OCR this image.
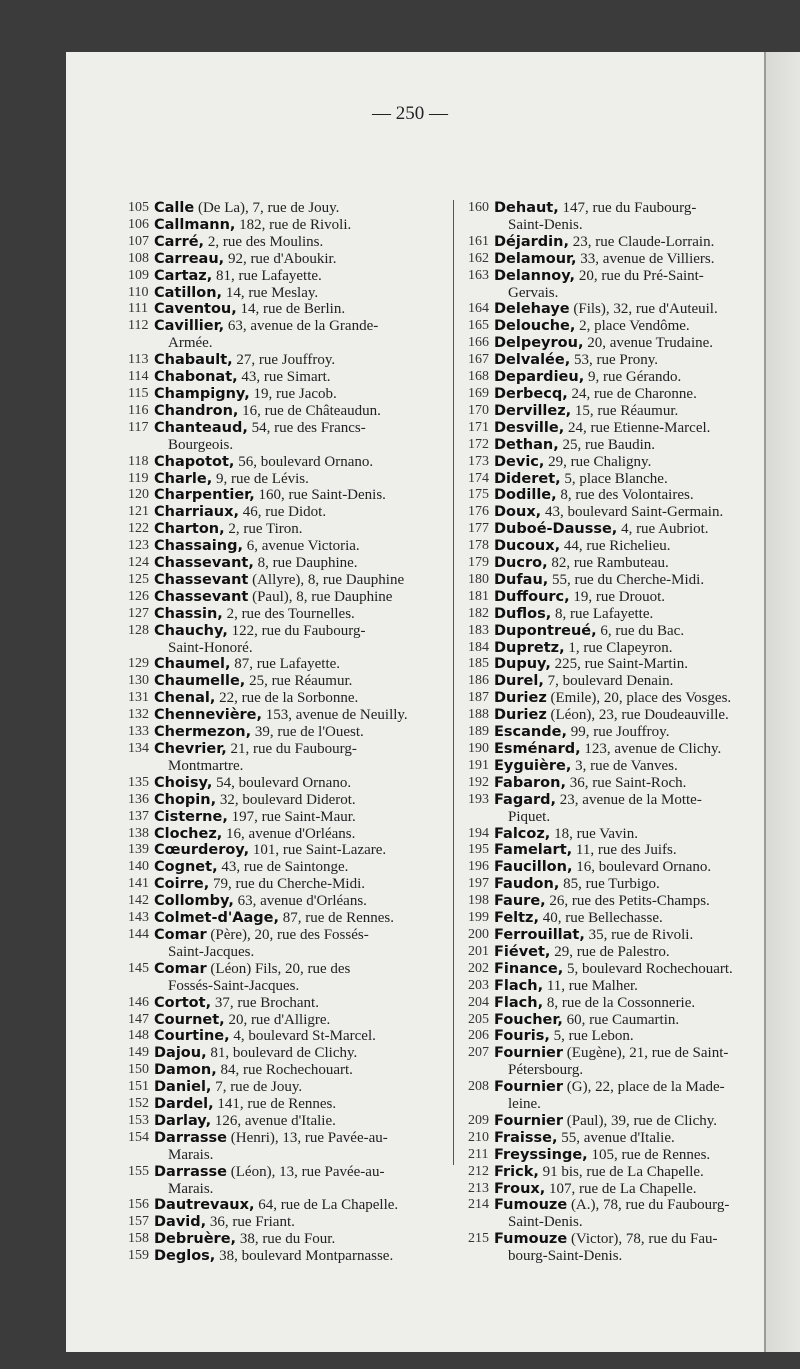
— 250 —
105 Calle (De La), 7, rue de Jouy.
106 Callmann, 182, rue de Rivoli.
107 Carré, 2, rue des Moulins.
108 Carreau, 92, rue d'Aboukir.
109 Cartaz, 81, rue Lafayette.
110 Catillon, 14, rue Meslay.
111 Caventou, 14, rue de Berlin.
112 Cavillier, 63, avenue de la Grande-
Armée.
113 Chabault, 27, rue Jouffroy.
114 Chabonat, 43, rue Simart.
115 Champigny, 19, rue Jacob.
116 Chandron, 16, rue de Châteaudun.
117 Chanteaud, 54, rue des Francs-
Bourgeois.
118 Chapotot, 56, boulevard Ornano.
119 Charle, 9, rue de Lévis.
120 Charpentier, 160, rue Saint-Denis.
121 Charriaux, 46, rue Didot.
122 Charton, 2, rue Tiron.
123 Chassaing, 6, avenue Victoria.
124 Chassevant, 8, rue Dauphine.
125 Chassevant (Allyre), 8, rue Dauphine
126 Chassevant (Paul), 8, rue Dauphine
127 Chassin, 2, rue des Tournelles.
128 Chauchy, 122, rue du Faubourg-
Saint-Honoré.
129 Chaumel, 87, rue Lafayette.
130 Chaumelle, 25, rue Réaumur.
131 Chenal, 22, rue de la Sorbonne.
132 Chennevière, 153, avenue de Neuilly.
133 Chermezon, 39, rue de l'Ouest.
134 Chevrier, 21, rue du Faubourg-
Montmartre.
135 Choisy, 54, boulevard Ornano.
136 Chopin, 32, boulevard Diderot.
137 Cisterne, 197, rue Saint-Maur.
138 Clochez, 16, avenue d'Orléans.
139 Cœurderoy, 101, rue Saint-Lazare.
140 Cognet, 43, rue de Saintonge.
141 Coirre, 79, rue du Cherche-Midi.
142 Collomby, 63, avenue d'Orléans.
143 Colmet-d'Aage, 87, rue de Rennes.
144 Comar (Père), 20, rue des Fossés-
Saint-Jacques.
145 Comar (Léon) Fils, 20, rue des
Fossés-Saint-Jacques.
146 Cortot, 37, rue Brochant.
147 Cournet, 20, rue d'Alligre.
148 Courtine, 4, boulevard St-Marcel.
149 Dajou, 81, boulevard de Clichy.
150 Damon, 84, rue Rochechouart.
151 Daniel, 7, rue de Jouy.
152 Dardel, 141, rue de Rennes.
153 Darlay, 126, avenue d'Italie.
154 Darrasse (Henri), 13, rue Pavée-au-
Marais.
155 Darrasse (Léon), 13, rue Pavée-au-
Marais.
156 Dautrevaux, 64, rue de La Chapelle.
157 David, 36, rue Friant.
158 Debruère, 38, rue du Four.
159 Deglos, 38, boulevard Montparnasse.
160 Dehaut, 147, rue du Faubourg-
Saint-Denis.
161 Déjardin, 23, rue Claude-Lorrain.
162 Delamour, 33, avenue de Villiers.
163 Delannoy, 20, rue du Pré-Saint-
Gervais.
164 Delehaye (Fils), 32, rue d'Auteuil.
165 Delouche, 2, place Vendôme.
166 Delpeyrou, 20, avenue Trudaine.
167 Delvalée, 53, rue Prony.
168 Depardieu, 9, rue Gérando.
169 Derbecq, 24, rue de Charonne.
170 Dervillez, 15, rue Réaumur.
171 Desville, 24, rue Etienne-Marcel.
172 Dethan, 25, rue Baudin.
173 Devic, 29, rue Chaligny.
174 Dideret, 5, place Blanche.
175 Dodille, 8, rue des Volontaires.
176 Doux, 43, boulevard Saint-Germain.
177 Duboé-Dausse, 4, rue Aubriot.
178 Ducoux, 44, rue Richelieu.
179 Ducro, 82, rue Rambuteau.
180 Dufau, 55, rue du Cherche-Midi.
181 Duffourc, 19, rue Drouot.
182 Duflos, 8, rue Lafayette.
183 Dupontreué, 6, rue du Bac.
184 Dupretz, 1, rue Clapeyron.
185 Dupuy, 225, rue Saint-Martin.
186 Durel, 7, boulevard Denain.
187 Duriez (Emile), 20, place des Vosges.
188 Duriez (Léon), 23, rue Doudeauville.
189 Escande, 99, rue Jouffroy.
190 Esménard, 123, avenue de Clichy.
191 Eyguière, 3, rue de Vanves.
192 Fabaron, 36, rue Saint-Roch.
193 Fagard, 23, avenue de la Motte-
Piquet.
194 Falcoz, 18, rue Vavin.
195 Famelart, 11, rue des Juifs.
196 Faucillon, 16, boulevard Ornano.
197 Faudon, 85, rue Turbigo.
198 Faure, 26, rue des Petits-Champs.
199 Feltz, 40, rue Bellechasse.
200 Ferrouillat, 35, rue de Rivoli.
201 Fiévet, 29, rue de Palestro.
202 Finance, 5, boulevard Rochechouart.
203 Flach, 11, rue Malher.
204 Flach, 8, rue de la Cossonnerie.
205 Foucher, 60, rue Caumartin.
206 Fouris, 5, rue Lebon.
207 Fournier (Eugène), 21, rue de Saint-
Pétersbourg.
208 Fournier (G), 22, place de la Made-
leine.
209 Fournier (Paul), 39, rue de Clichy.
210 Fraisse, 55, avenue d'Italie.
211 Freyssinge, 105, rue de Rennes.
212 Frick, 91 bis, rue de La Chapelle.
213 Froux, 107, rue de La Chapelle.
214 Fumouze (A.), 78, rue du Faubourg-
Saint-Denis.
215 Fumouze (Victor), 78, rue du Fau-
bourg-Saint-Denis.
